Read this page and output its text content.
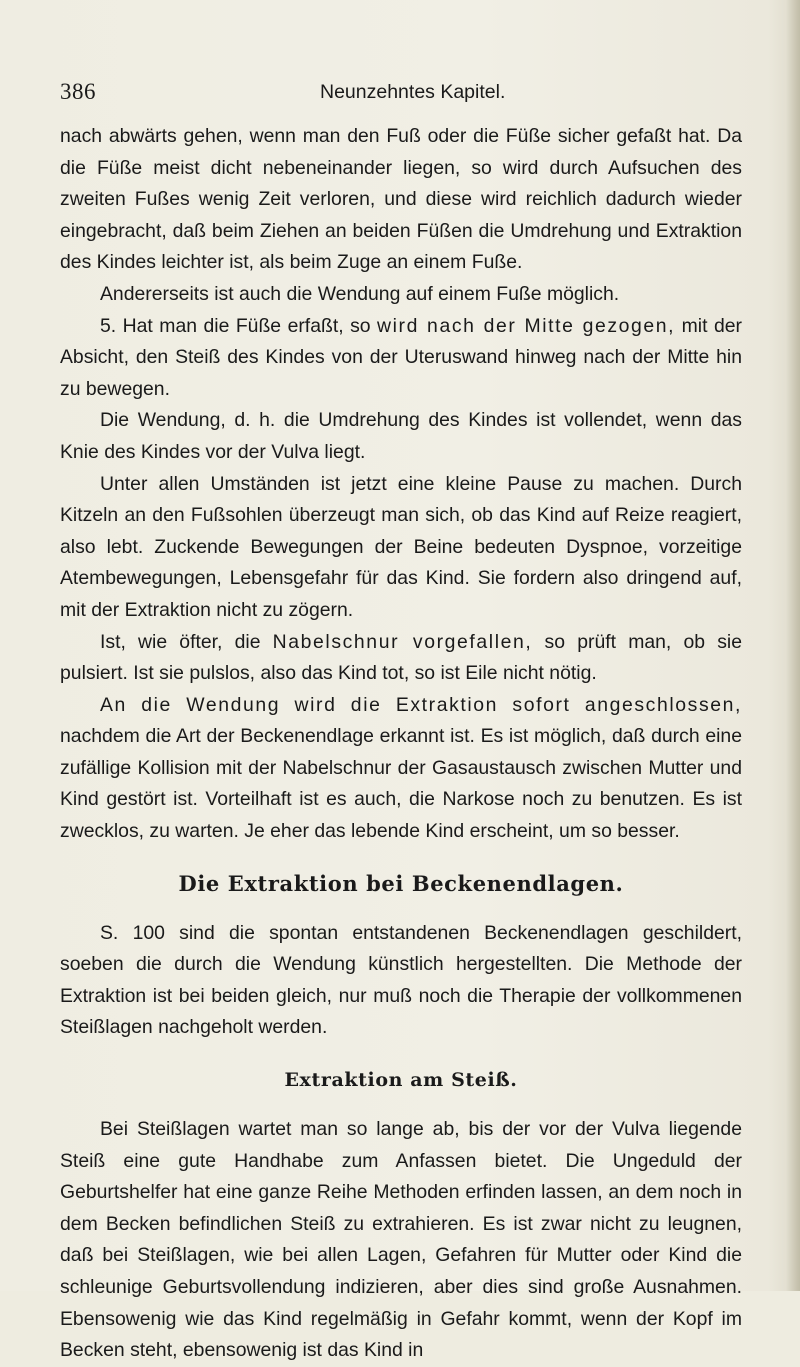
386	Neunzehntes Kapitel.

nach abwärts gehen, wenn man den Fuß oder die Füße sicher gefaßt hat. Da die Füße meist dicht nebeneinander liegen, so wird durch Aufsuchen des zweiten Fußes wenig Zeit verloren, und diese wird reichlich dadurch wieder eingebracht, daß beim Ziehen an beiden Füßen die Umdrehung und Extraktion des Kindes leichter ist, als beim Zuge an einem Fuße.

Andererseits ist auch die Wendung auf einem Fuße möglich.

5. Hat man die Füße erfaßt, so wird nach der Mitte gezogen, mit der Absicht, den Steiß des Kindes von der Uteruswand hinweg nach der Mitte hin zu bewegen.

Die Wendung, d. h. die Umdrehung des Kindes ist vollendet, wenn das Knie des Kindes vor der Vulva liegt.

Unter allen Umständen ist jetzt eine kleine Pause zu machen. Durch Kitzeln an den Fußsohlen überzeugt man sich, ob das Kind auf Reize reagiert, also lebt. Zuckende Bewegungen der Beine bedeuten Dyspnoe, vorzeitige Atembewegungen, Lebensgefahr für das Kind. Sie fordern also dringend auf, mit der Extraktion nicht zu zögern.

Ist, wie öfter, die Nabelschnur vorgefallen, so prüft man, ob sie pulsiert. Ist sie pulslos, also das Kind tot, so ist Eile nicht nötig.

An die Wendung wird die Extraktion sofort angeschlossen, nachdem die Art der Beckenendlage erkannt ist. Es ist möglich, daß durch eine zufällige Kollision mit der Nabelschnur der Gasaustausch zwischen Mutter und Kind gestört ist. Vorteilhaft ist es auch, die Narkose noch zu benutzen. Es ist zwecklos, zu warten. Je eher das lebende Kind erscheint, um so besser.

Die Extraktion bei Beckenendlagen.

S. 100 sind die spontan entstandenen Beckenendlagen geschildert, soeben die durch die Wendung künstlich hergestellten. Die Methode der Extraktion ist bei beiden gleich, nur muß noch die Therapie der vollkommenen Steißlagen nachgeholt werden.

Extraktion am Steiß.

Bei Steißlagen wartet man so lange ab, bis der vor der Vulva liegende Steiß eine gute Handhabe zum Anfassen bietet. Die Ungeduld der Geburtshelfer hat eine ganze Reihe Methoden erfinden lassen, an dem noch in dem Becken befindlichen Steiß zu extrahieren. Es ist zwar nicht zu leugnen, daß bei Steißlagen, wie bei allen Lagen, Gefahren für Mutter oder Kind die schleunige Geburtsvollendung indizieren, aber dies sind große Ausnahmen. Ebensowenig wie das Kind regelmäßig in Gefahr kommt, wenn der Kopf im Becken steht, ebensowenig ist das Kind in
